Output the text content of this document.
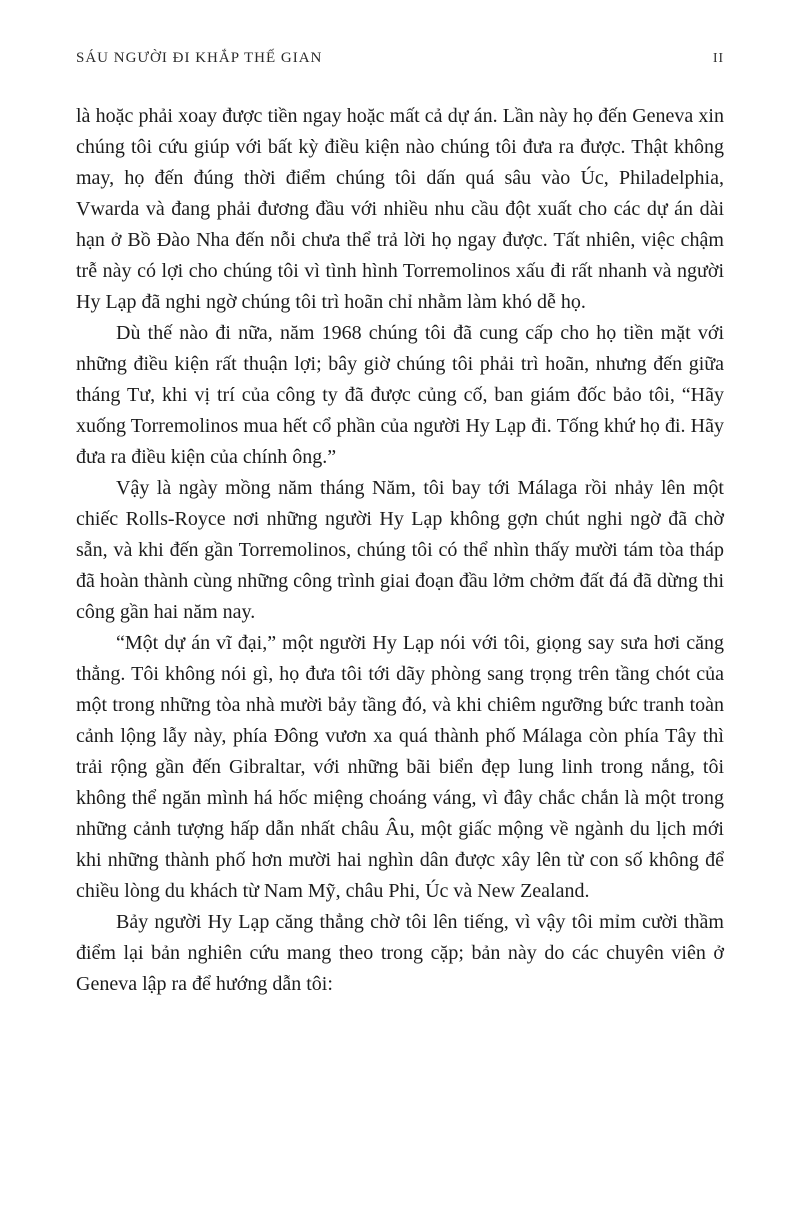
SÁU NGƯỜI ĐI KHẮP THẾ GIAN	II

là hoặc phải xoay được tiền ngay hoặc mất cả dự án. Lần này họ đến Geneva xin chúng tôi cứu giúp với bất kỳ điều kiện nào chúng tôi đưa ra được. Thật không may, họ đến đúng thời điểm chúng tôi dấn quá sâu vào Úc, Philadelphia, Vwarda và đang phải đương đầu với nhiều nhu cầu đột xuất cho các dự án dài hạn ở Bồ Đào Nha đến nỗi chưa thể trả lời họ ngay được. Tất nhiên, việc chậm trễ này có lợi cho chúng tôi vì tình hình Torremolinos xấu đi rất nhanh và người Hy Lạp đã nghi ngờ chúng tôi trì hoãn chỉ nhằm làm khó dễ họ.

Dù thế nào đi nữa, năm 1968 chúng tôi đã cung cấp cho họ tiền mặt với những điều kiện rất thuận lợi; bây giờ chúng tôi phải trì hoãn, nhưng đến giữa tháng Tư, khi vị trí của công ty đã được củng cố, ban giám đốc bảo tôi, “Hãy xuống Torremolinos mua hết cổ phần của người Hy Lạp đi. Tống khứ họ đi. Hãy đưa ra điều kiện của chính ông.”

Vậy là ngày mồng năm tháng Năm, tôi bay tới Málaga rồi nhảy lên một chiếc Rolls-Royce nơi những người Hy Lạp không gợn chút nghi ngờ đã chờ sẵn, và khi đến gần Torremolinos, chúng tôi có thể nhìn thấy mười tám tòa tháp đã hoàn thành cùng những công trình giai đoạn đầu lởm chởm đất đá đã dừng thi công gần hai năm nay.

“Một dự án vĩ đại,” một người Hy Lạp nói với tôi, giọng say sưa hơi căng thẳng. Tôi không nói gì, họ đưa tôi tới dãy phòng sang trọng trên tầng chót của một trong những tòa nhà mười bảy tầng đó, và khi chiêm ngưỡng bức tranh toàn cảnh lộng lẫy này, phía Đông vươn xa quá thành phố Málaga còn phía Tây thì trải rộng gần đến Gibraltar, với những bãi biển đẹp lung linh trong nắng, tôi không thể ngăn mình há hốc miệng choáng váng, vì đây chắc chắn là một trong những cảnh tượng hấp dẫn nhất châu Âu, một giấc mộng về ngành du lịch mới khi những thành phố hơn mười hai nghìn dân được xây lên từ con số không để chiều lòng du khách từ Nam Mỹ, châu Phi, Úc và New Zealand.

Bảy người Hy Lạp căng thẳng chờ tôi lên tiếng, vì vậy tôi mỉm cười thầm điểm lại bản nghiên cứu mang theo trong cặp; bản này do các chuyên viên ở Geneva lập ra để hướng dẫn tôi:
